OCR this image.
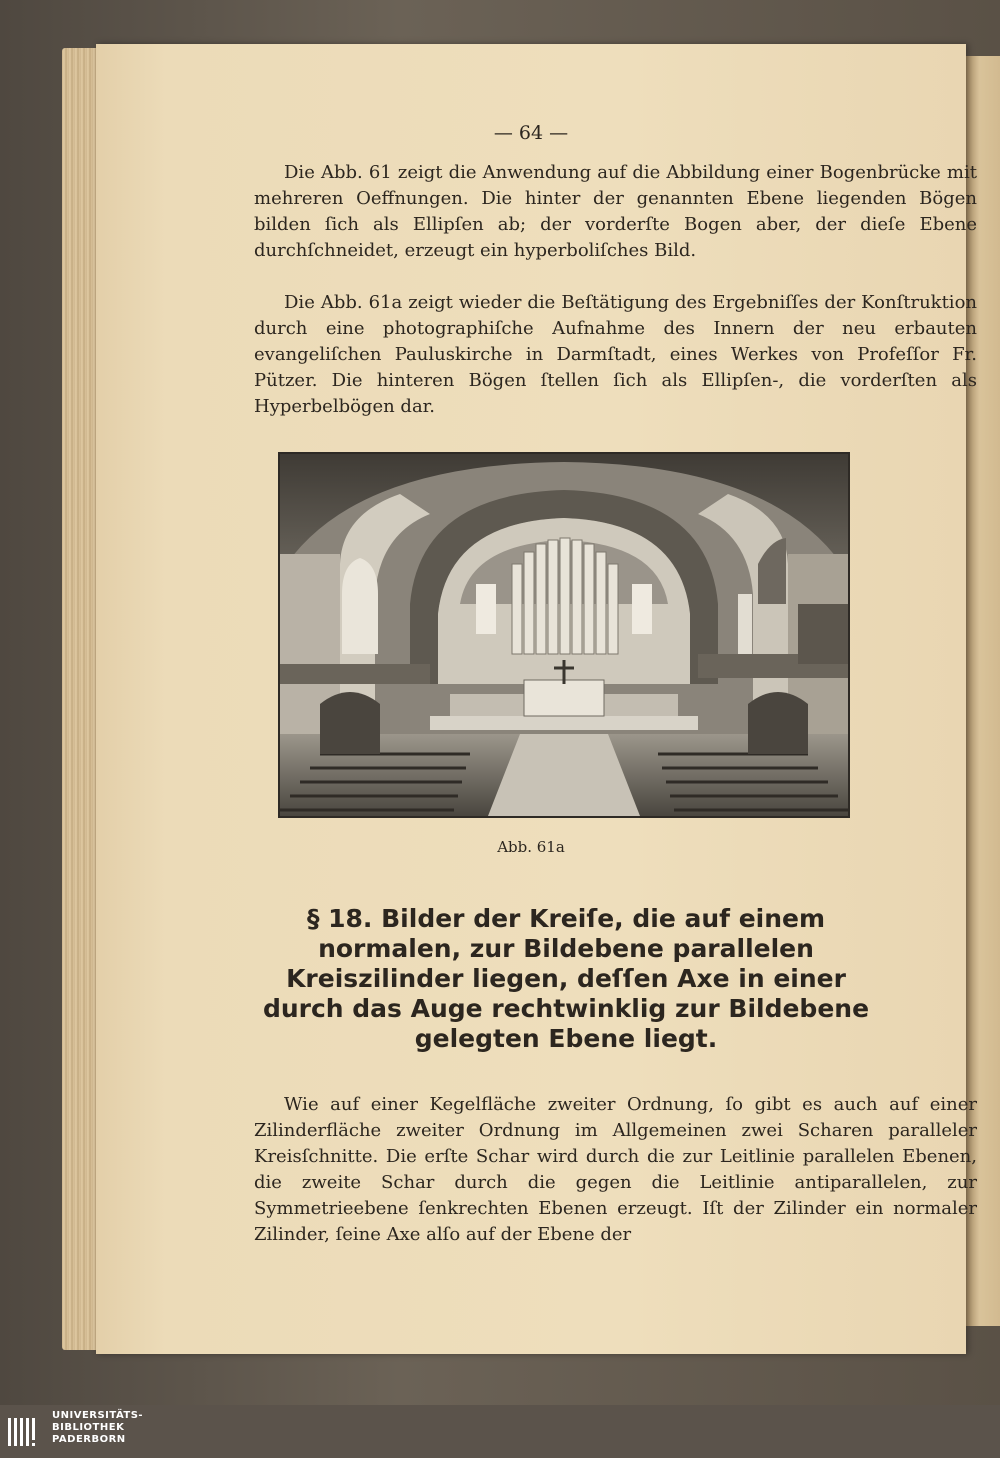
— 64 —

Die Abb. 61 zeigt die Anwendung auf die Abbildung einer Bogenbrücke mit mehreren Oeffnungen. Die hinter der genannten Ebene liegenden Bögen bilden ſich als Ellipſen ab; der vorderſte Bogen aber, der dieſe Ebene durchſchneidet, erzeugt ein hyperboliſches Bild.

Die Abb. 61a zeigt wieder die Beſtätigung des Ergebniſſes der Konſtruktion durch eine photographiſche Aufnahme des Innern der neu erbauten evangeliſchen Pauluskirche in Darmſtadt, eines Werkes von Profeſſor Fr. Pützer. Die hinteren Bögen ſtellen ſich als Ellipſen-, die vorderſten als Hyperbelbögen dar.

Abb. 61a
§ 18. Bilder der Kreiſe, die auf einem normalen, zur Bildebene parallelen Kreiszilinder liegen, deſſen Axe in einer durch das Auge rechtwinklig zur Bildebene gelegten Ebene liegt.

Wie auf einer Kegelfläche zweiter Ordnung, ſo gibt es auch auf einer Zilinderfläche zweiter Ordnung im Allgemeinen zwei Scharen paralleler Kreisſchnitte. Die erſte Schar wird durch die zur Leitlinie parallelen Ebenen, die zweite Schar durch die gegen die Leitlinie antiparallelen, zur Symmetrieebene ſenkrechten Ebenen erzeugt. Iſt der Zilinder ein normaler Zilinder, ſeine Axe alſo auf der Ebene der

UNIVERSITÄTS-
BIBLIOTHEK
PADERBORN
